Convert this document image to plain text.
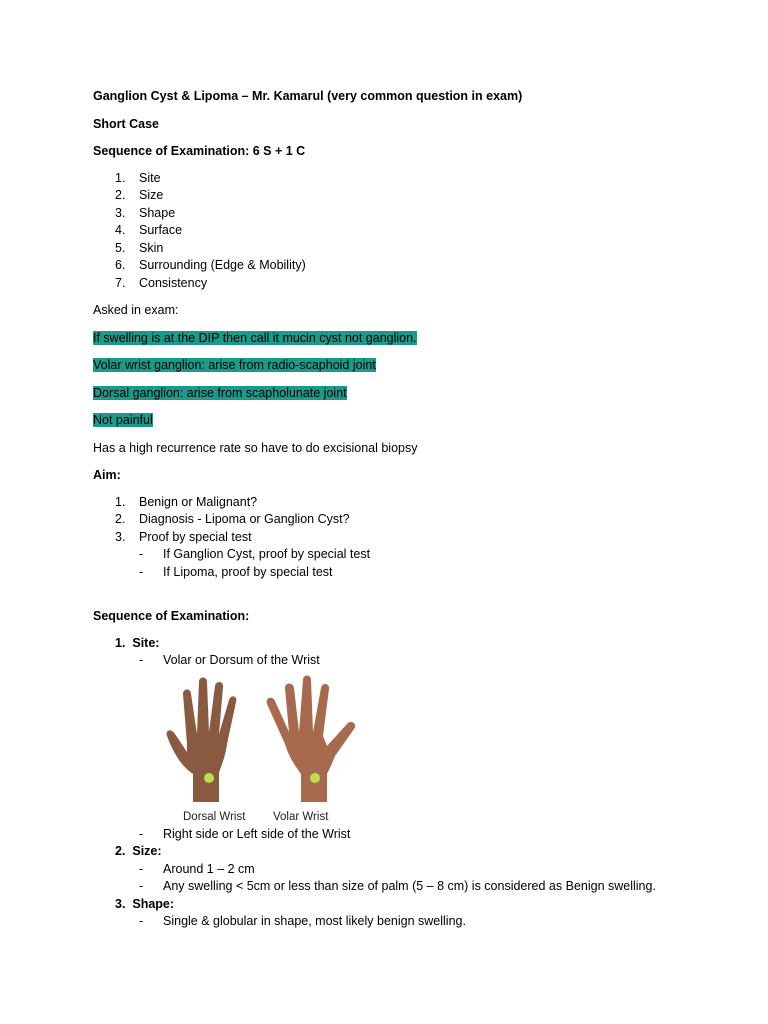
Ganglion Cyst & Lipoma – Mr. Kamarul (very common question in exam)

Short Case

Sequence of Examination: 6 S + 1 C

1. Site
2. Size
3. Shape
4. Surface
5. Skin
6. Surrounding (Edge & Mobility)
7. Consistency

Asked in exam:

If swelling is at the DIP then call it mucin cyst not ganglion.

Volar wrist ganglion: arise from radio-scaphoid joint

Dorsal ganglion: arise from scapholunate joint

Not painful

Has a high recurrence rate so have to do excisional biopsy

Aim:

1. Benign or Malignant?
2. Diagnosis - Lipoma or Ganglion Cyst?
3. Proof by special test
- If Ganglion Cyst, proof by special test
- If Lipoma, proof by special test

Sequence of Examination:

1.  Site:
- Volar or Dorsum of the Wrist
Dorsal Wrist Volar Wrist
- Right side or Left side of the Wrist
2.  Size:
- Around 1 – 2 cm
- Any swelling < 5cm or less than size of palm (5 – 8 cm) is considered as Benign swelling.
3.  Shape:
- Single & globular in shape, most likely benign swelling.
